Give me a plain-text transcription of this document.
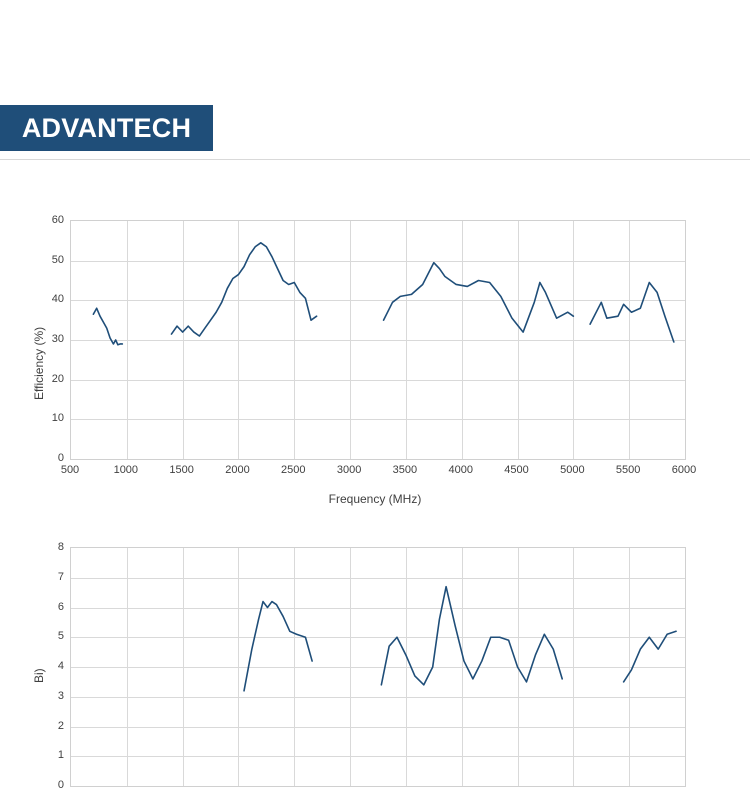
ADVANTECH
500	1000	1500	2000	2500	3000	3500	4000	4500	5000	5500	6000
0
10
20
30
40
50
60
Frequency (MHz)
Efficiency (%)
0
1
2
3
4
5
6
7
8
Bi)
